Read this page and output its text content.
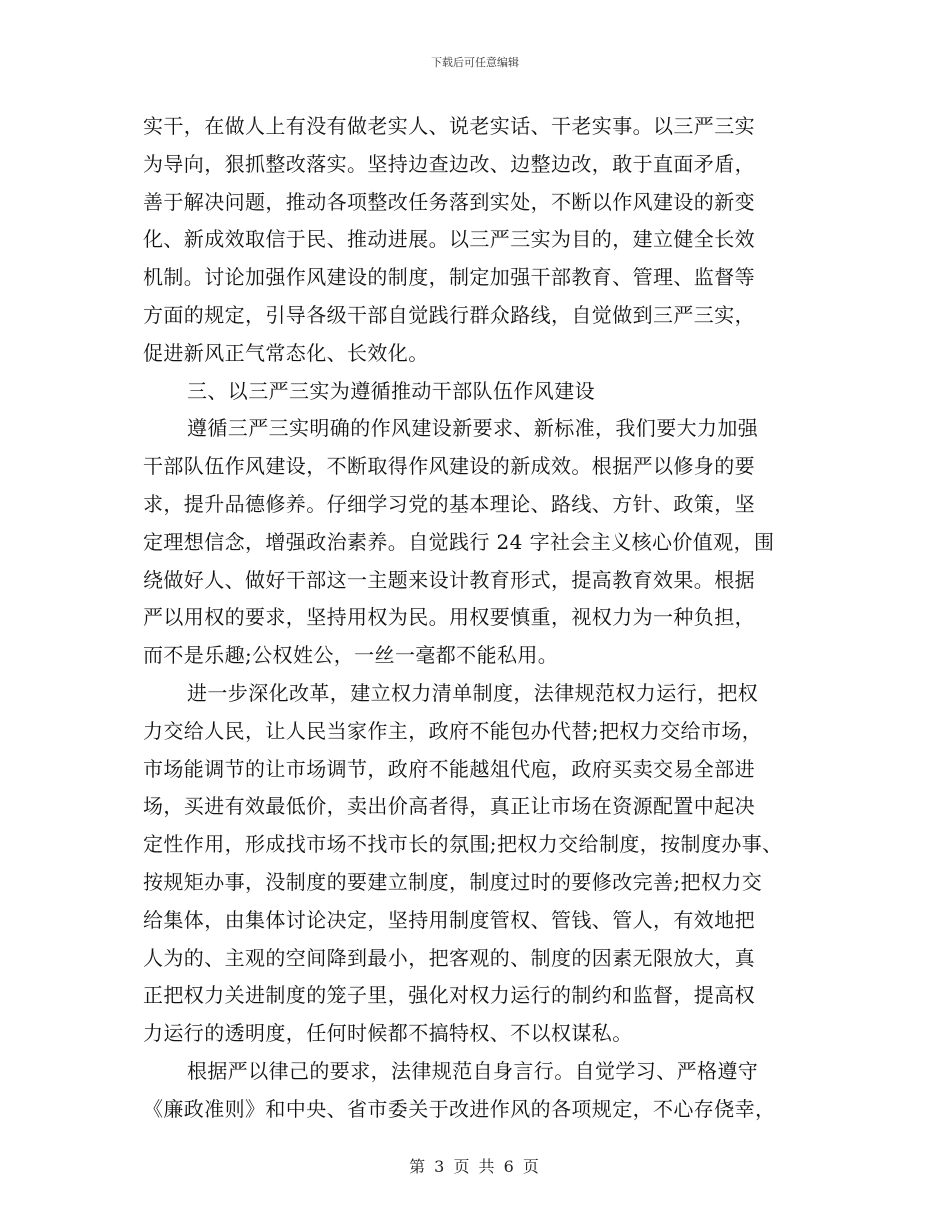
下载后可任意编辑
实干，在做人上有没有做老实人、说老实话、干老实事。以三严三实
为导向，狠抓整改落实。坚持边查边改、边整边改，敢于直面矛盾，
善于解决问题，推动各项整改任务落到实处，不断以作风建设的新变
化、新成效取信于民、推动进展。以三严三实为目的，建立健全长效
机制。讨论加强作风建设的制度，制定加强干部教育、管理、监督等
方面的规定，引导各级干部自觉践行群众路线，自觉做到三严三实，
促进新风正气常态化、长效化。
三、以三严三实为遵循推动干部队伍作风建设
遵循三严三实明确的作风建设新要求、新标准，我们要大力加强
干部队伍作风建设，不断取得作风建设的新成效。根据严以修身的要
求，提升品德修养。仔细学习党的基本理论、路线、方针、政策，坚
定理想信念，增强政治素养。自觉践行 24 字社会主义核心价值观，围
绕做好人、做好干部这一主题来设计教育形式，提高教育效果。根据
严以用权的要求，坚持用权为民。用权要慎重，视权力为一种负担，
而不是乐趣;公权姓公，一丝一毫都不能私用。
进一步深化改革，建立权力清单制度，法律规范权力运行，把权
力交给人民，让人民当家作主，政府不能包办代替;把权力交给市场，
市场能调节的让市场调节，政府不能越俎代庖，政府买卖交易全部进
场，买进有效最低价，卖出价高者得，真正让市场在资源配置中起决
定性作用，形成找市场不找市长的氛围;把权力交给制度，按制度办事、
按规矩办事，没制度的要建立制度，制度过时的要修改完善;把权力交
给集体，由集体讨论决定，坚持用制度管权、管钱、管人，有效地把
人为的、主观的空间降到最小，把客观的、制度的因素无限放大，真
正把权力关进制度的笼子里，强化对权力运行的制约和监督，提高权
力运行的透明度，任何时候都不搞特权、不以权谋私。
根据严以律己的要求，法律规范自身言行。自觉学习、严格遵守
《廉政准则》和中央、省市委关于改进作风的各项规定，不心存侥幸，
第 3 页 共 6 页
